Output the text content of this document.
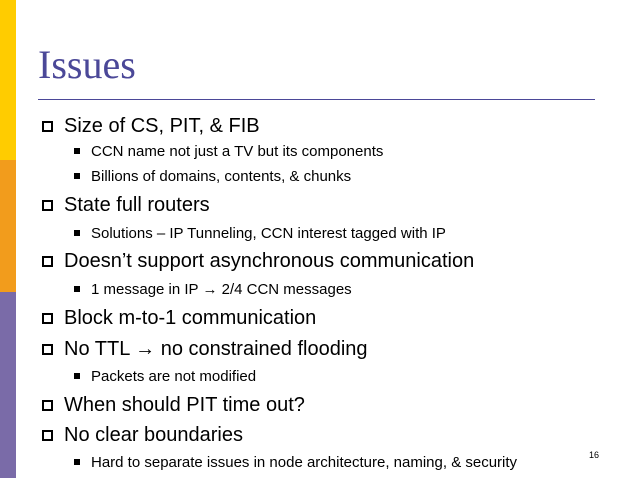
Issues
Size of CS, PIT, & FIB
CCN name not just a TV but its components
Billions of domains, contents, & chunks
State full routers
Solutions – IP Tunneling, CCN interest tagged with IP
Doesn’t support asynchronous communication
1 message in IP → 2/4 CCN messages
Block m-to-1 communication
No TTL → no constrained flooding
Packets are not modified
When should PIT time out?
No clear boundaries
Hard to separate issues in node architecture, naming, & security	16
